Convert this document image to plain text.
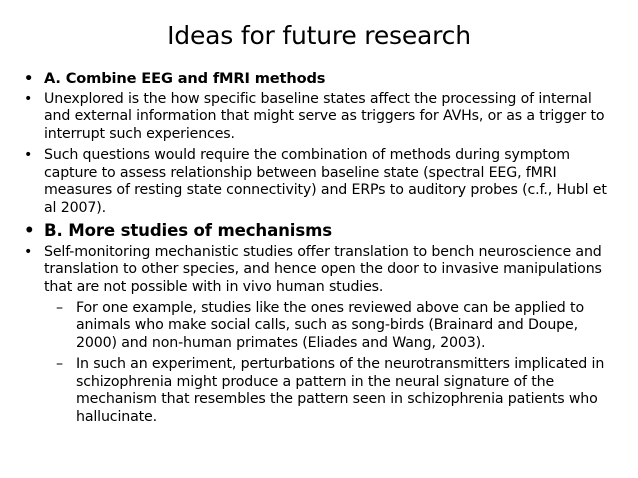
Ideas for future research
• A. Combine EEG and fMRI methods
• Unexplored is the how specific baseline states affect the processing of internal and external information that might serve as triggers for AVHs, or as a trigger to interrupt such experiences.
• Such questions would require the combination of methods during symptom capture to assess relationship between baseline state (spectral EEG, fMRI measures of resting state connectivity) and ERPs to auditory probes (c.f., Hubl et al 2007).
• B. More studies of mechanisms
• Self-monitoring mechanistic studies offer translation to bench neuroscience and translation to other species, and hence open the door to invasive manipulations that are not possible with in vivo human studies.
– For one example, studies like the ones reviewed above can be applied to animals who make social calls, such as song-birds (Brainard and Doupe, 2000) and non-human primates (Eliades and Wang, 2003).
– In such an experiment, perturbations of the neurotransmitters implicated in schizophrenia might produce a pattern in the neural signature of the mechanism that resembles the pattern seen in schizophrenia patients who hallucinate.
